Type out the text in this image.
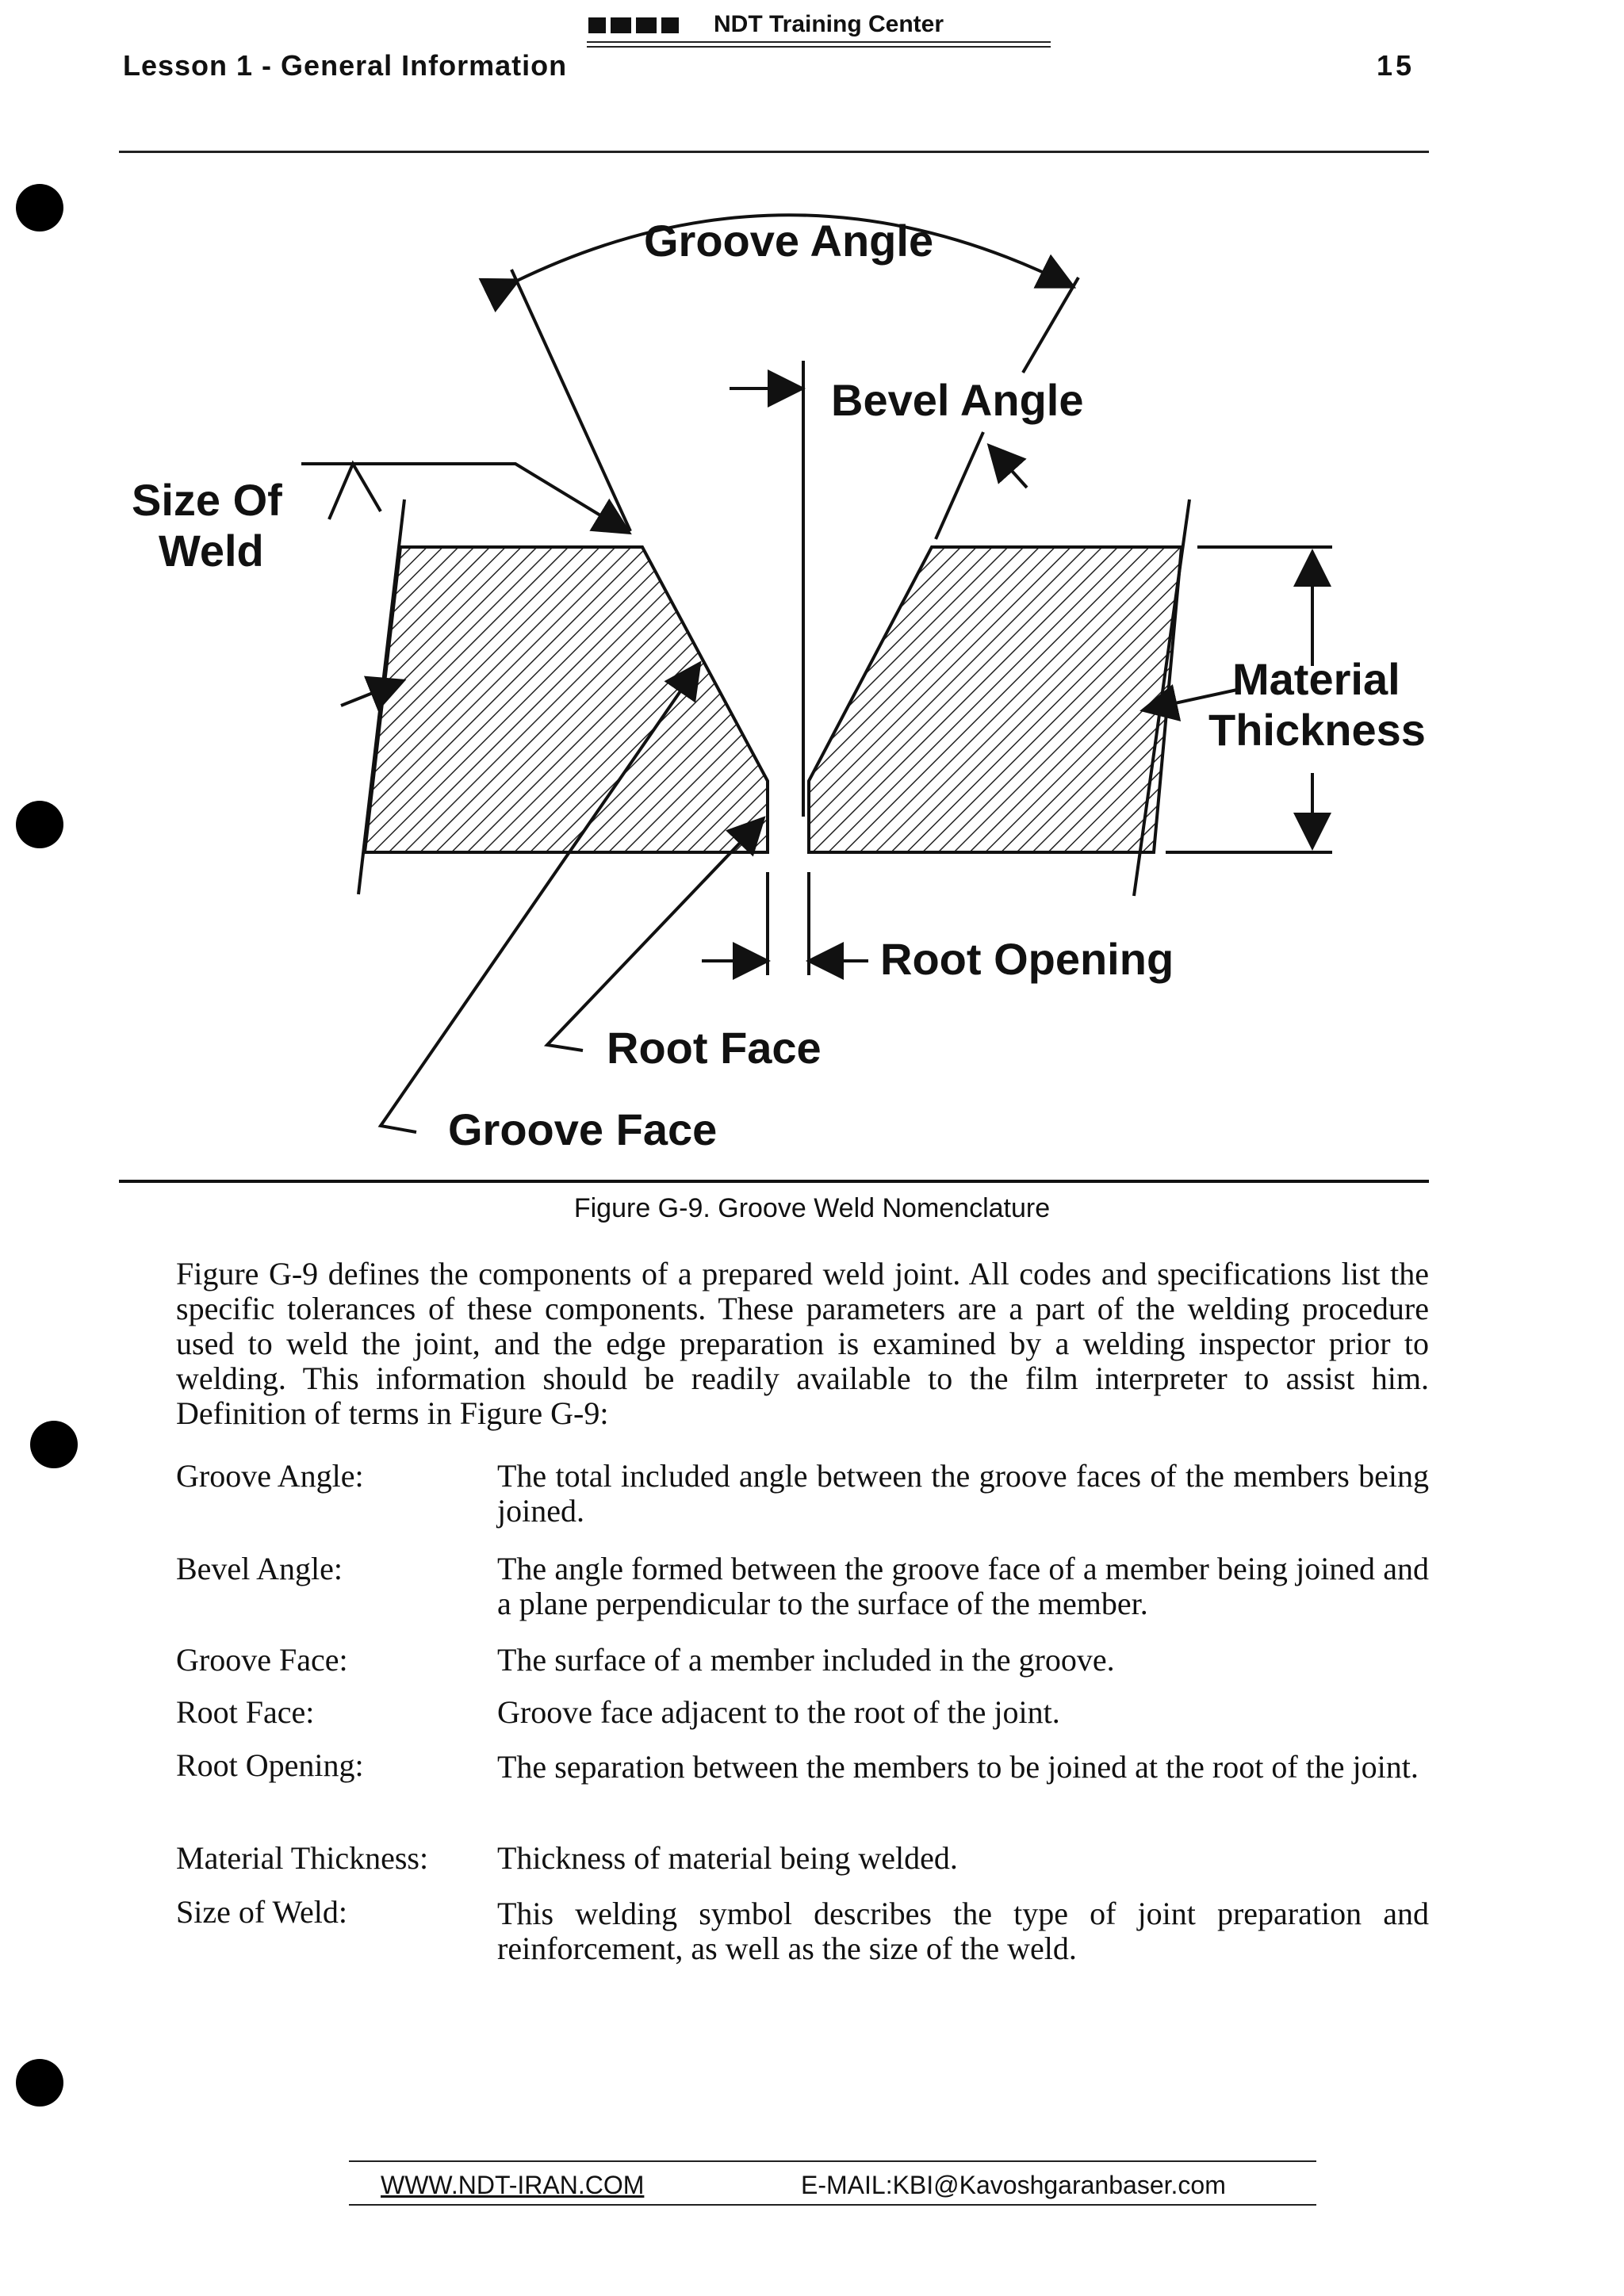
NDT Training Center
Lesson 1 - General Information	15
Groove Angle
Bevel Angle
Size Of
Weld
Material
Thickness
Root Opening
Root Face
Groove Face
Figure G-9. Groove Weld Nomenclature
Figure G-9 defines the components of a prepared weld joint. All codes and specifications list the specific tolerances of these components. These parameters are a part of the welding procedure used to weld the joint, and the edge preparation is examined by a welding inspector prior to welding. This information should be readily available to the film interpreter to assist him. Definition of terms in Figure G-9:
Groove Angle:	The total included angle between the groove faces of the members being joined.
Bevel Angle:	The angle formed between the groove face of a member being joined and a plane perpendicular to the surface of the member.
Groove Face:	The surface of a member included in the groove.
Root Face:	Groove face adjacent to the root of the joint.
Root Opening:	The separation between the members to be joined at the root of the joint.
Material Thickness: Thickness of material being welded.
Size of Weld:	This welding symbol describes the type of joint preparation and reinforcement, as well as the size of the weld.
WWW.NDT-IRAN.COM	E-MAIL:KBI@Kavoshgaranbaser.com
